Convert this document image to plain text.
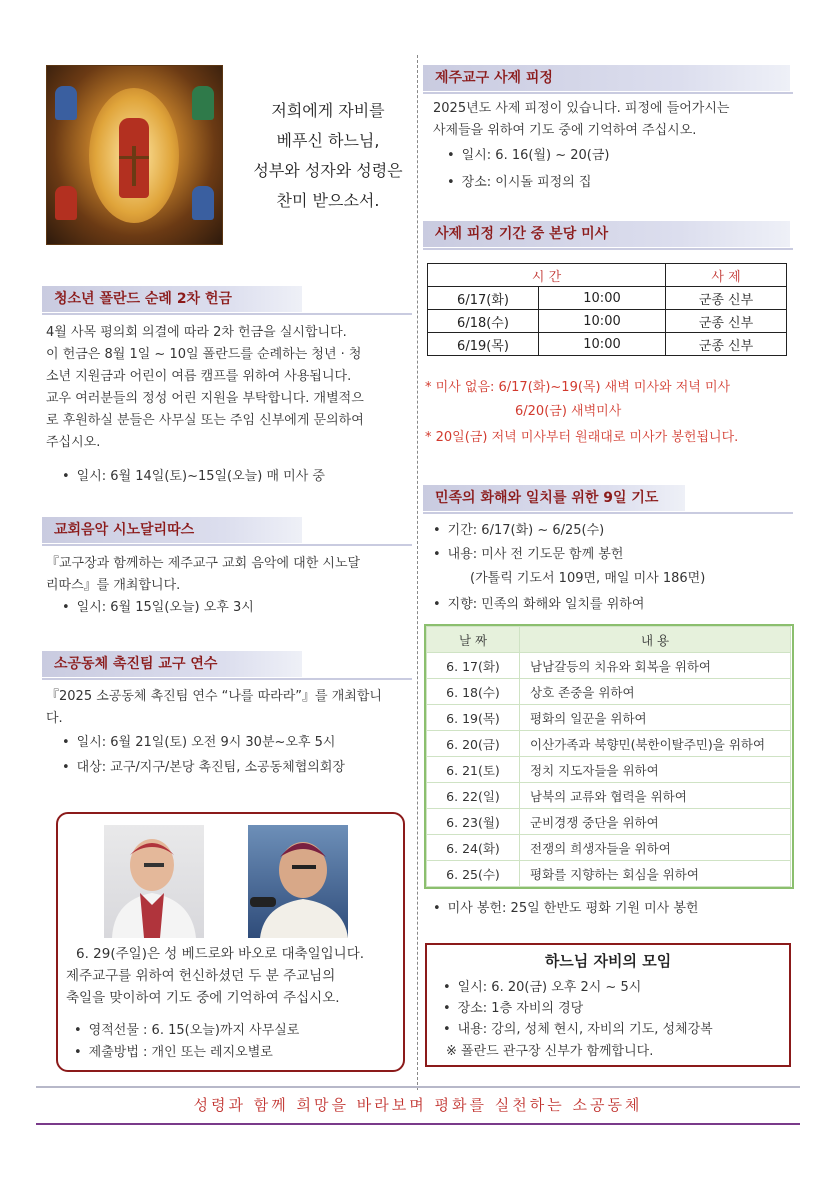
저희에게 자비를
베푸신 하느님,
성부와 성자와 성령은
찬미 받으소서.
청소년 폴란드 순례 2차 헌금
4월 사목 평의회 의결에 따라 2차 헌금을 실시합니다.
이 헌금은 8월 1일 ~ 10일 폴란드를 순례하는 청년 · 청
소년 지원금과 어린이 여름 캠프를 위하여 사용됩니다.
교우 여러분들의 정성 어린 지원을 부탁합니다. 개별적으
로 후원하실 분들은 사무실 또는 주임 신부에게 문의하여
주십시오.
• 일시: 6월 14일(토)~15일(오늘) 매 미사 중
교회음악 시노달리따스
『교구장과 함께하는 제주교구 교회 음악에 대한 시노달
리따스』를 개최합니다.
• 일시: 6월 15일(오늘) 오후 3시
소공동체 촉진팀 교구 연수
『2025 소공동체 촉진팀 연수 “나를 따라라”』를 개최합니
다.
• 일시: 6월 21일(토) 오전 9시 30분~오후 5시
• 대상: 교구/지구/본당 촉진팀, 소공동체협의회장
6. 29(주일)은 성 베드로와 바오로 대축일입니다.
제주교구를 위하여 헌신하셨던 두 분 주교님의
축일을 맞이하여 기도 중에 기억하여 주십시오.
• 영적선물 : 6. 15(오늘)까지 사무실로
• 제출방법 : 개인 또는 레지오별로
제주교구 사제 피정
2025년도 사제 피정이 있습니다. 피정에 들어가시는
사제들을 위하여 기도 중에 기억하여 주십시오.
• 일시: 6. 16(월) ~ 20(금)
• 장소: 이시돌 피정의 집
사제 피정 기간 중 본당 미사
시 간		사 제
6/17(화)	10:00	군종 신부
6/18(수)	10:00	군종 신부
6/19(목)	10:00	군종 신부
* 미사 없음: 6/17(화)~19(목) 새벽 미사와 저녁 미사
6/20(금) 새벽미사
* 20일(금) 저녁 미사부터 원래대로 미사가 봉헌됩니다.
민족의 화해와 일치를 위한 9일 기도
• 기간: 6/17(화) ~ 6/25(수)
• 내용: 미사 전 기도문 함께 봉헌
(가톨릭 기도서 109면, 매일 미사 186면)
• 지향: 민족의 화해와 일치를 위하여
날 짜	내 용
6. 17(화)	남남갈등의 치유와 회복을 위하여
6. 18(수)	상호 존중을 위하여
6. 19(목)	평화의 일꾼을 위하여
6. 20(금)	이산가족과 북향민(북한이탈주민)을 위하여
6. 21(토)	정치 지도자들을 위하여
6. 22(일)	남북의 교류와 협력을 위하여
6. 23(월)	군비경쟁 중단을 위하여
6. 24(화)	전쟁의 희생자들을 위하여
6. 25(수)	평화를 지향하는 회심을 위하여
• 미사 봉헌: 25일 한반도 평화 기원 미사 봉헌
하느님 자비의 모임
• 일시: 6. 20(금) 오후 2시 ~ 5시
• 장소: 1층 자비의 경당
• 내용: 강의, 성체 현시, 자비의 기도, 성체강복
※ 폴란드 관구장 신부가 함께합니다.
성령과 함께 희망을 바라보며 평화를 실천하는 소공동체
